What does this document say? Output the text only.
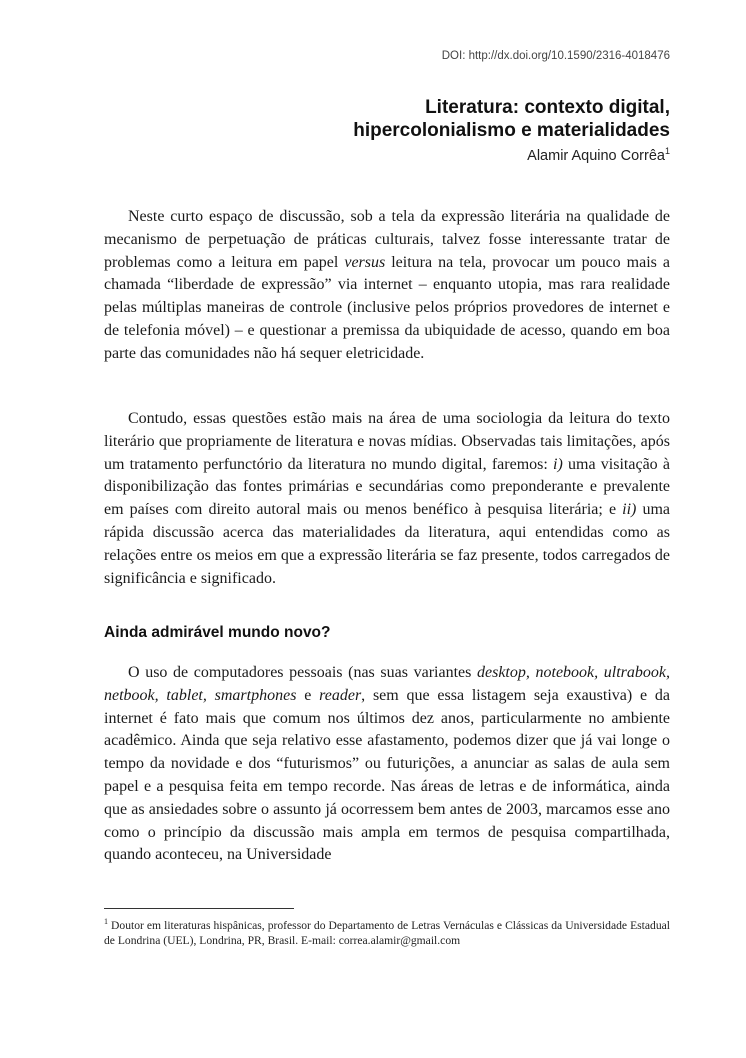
DOI: http://dx.doi.org/10.1590/2316-4018476
Literatura: contexto digital,
hipercolonialismo e materialidades
Alamir Aquino Corrêa$^1$

Neste curto espaço de discussão, sob a tela da expressão literária na qualidade de mecanismo de perpetuação de práticas culturais, talvez fosse interessante tratar de problemas como a leitura em papel versus leitura na tela, provocar um pouco mais a chamada “liberdade de expressão” via internet – enquanto utopia, mas rara realidade pelas múltiplas maneiras de controle (inclusive pelos próprios provedores de internet e de telefonia móvel) – e questionar a premissa da ubiquidade de acesso, quando em boa parte das comunidades não há sequer eletricidade.

Contudo, essas questões estão mais na área de uma sociologia da leitura do texto literário que propriamente de literatura e novas mídias. Observadas tais limitações, após um tratamento perfunctório da literatura no mundo digital, faremos: i) uma visitação à disponibilização das fontes primárias e secundárias como preponderante e prevalente em países com direito autoral mais ou menos benéfico à pesquisa literária; e ii) uma rápida discussão acerca das materialidades da literatura, aqui entendidas como as relações entre os meios em que a expressão literária se faz presente, todos carregados de significância e significado.

Ainda admirável mundo novo?

O uso de computadores pessoais (nas suas variantes desktop, notebook, ultrabook, netbook, tablet, smartphones e reader, sem que essa listagem seja exaustiva) e da internet é fato mais que comum nos últimos dez anos, particularmente no ambiente acadêmico. Ainda que seja relativo esse afastamento, podemos dizer que já vai longe o tempo da novidade e dos “futurismos” ou futurições, a anunciar as salas de aula sem papel e a pesquisa feita em tempo recorde. Nas áreas de letras e de informática, ainda que as ansiedades sobre o assunto já ocorressem bem antes de 2003, marcamos esse ano como o princípio da discussão mais ampla em termos de pesquisa compartilhada, quando aconteceu, na Universidade

$^1$ Doutor em literaturas hispânicas, professor do Departamento de Letras Vernáculas e Clássicas da Universidade Estadual de Londrina (UEL), Londrina, PR, Brasil. E-mail: correa.alamir@gmail.com
